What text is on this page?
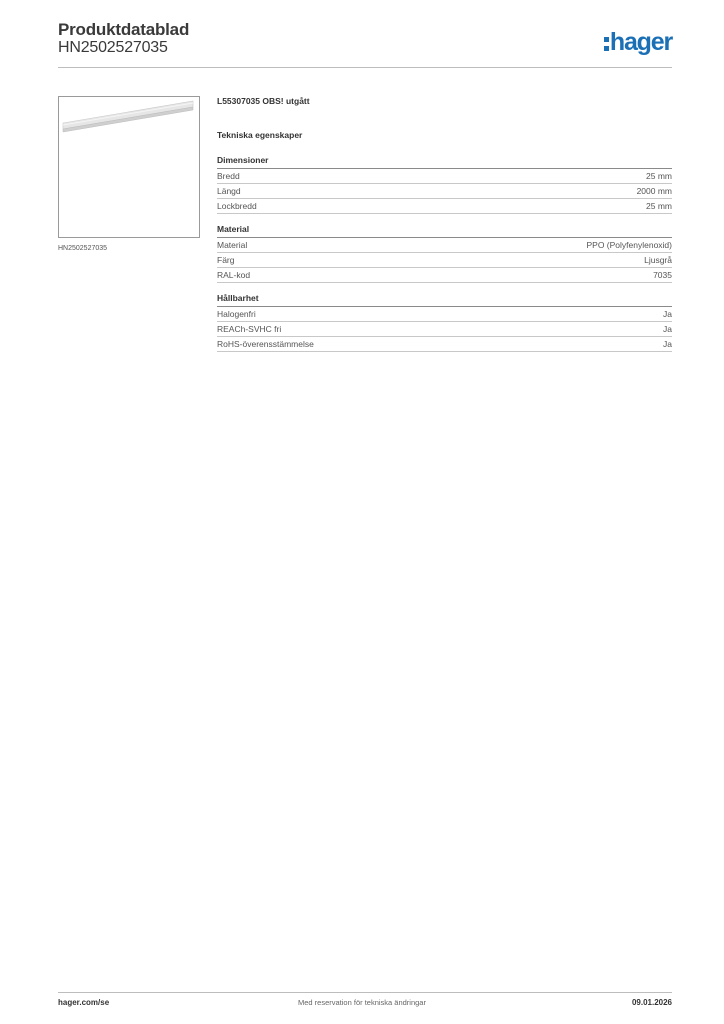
Produktdatablad
HN2502527035	hager
HN2502527035
L55307035 OBS! utgått
Tekniska egenskaper
Dimensioner
Bredd	25 mm
Längd	2000 mm
Lockbredd	25 mm
Material
Material	PPO (Polyfenylenoxid)
Färg	Ljusgrå
RAL-kod	7035
Hållbarhet
Halogenfri	Ja
REACh-SVHC fri	Ja
RoHS-överensstämmelse	Ja
hager.com/se	Med reservation för tekniska ändringar	09.01.2026
